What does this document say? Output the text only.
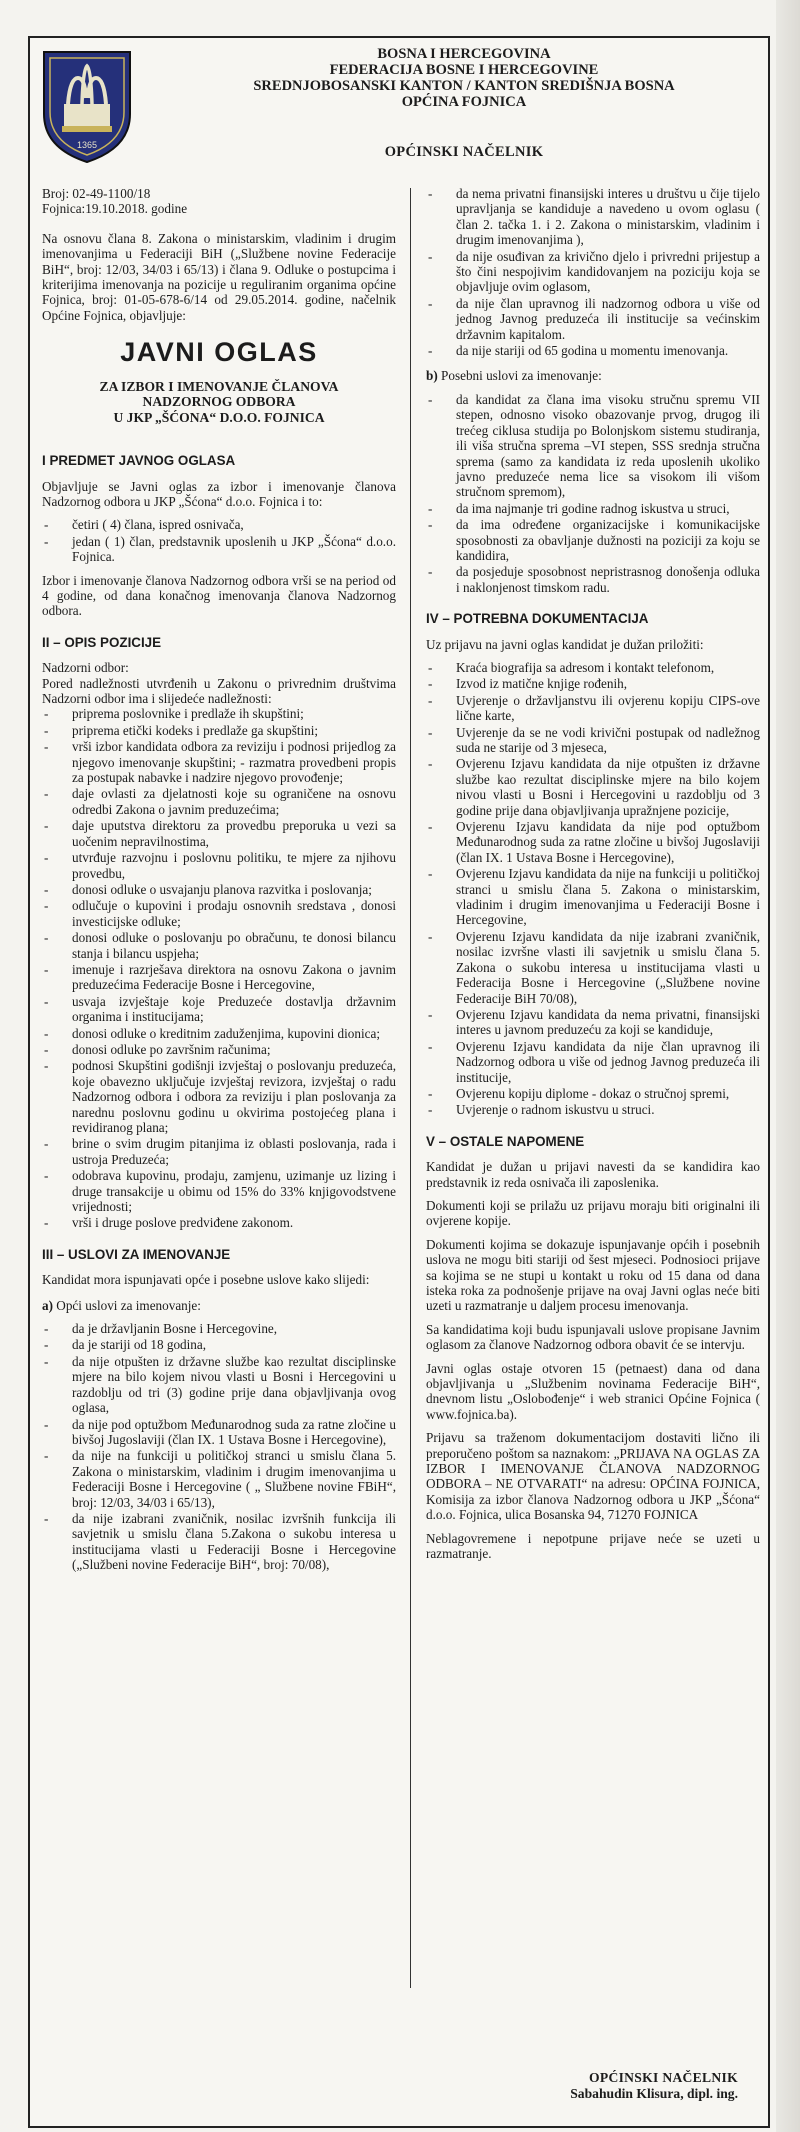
1365
BOSNA I HERCEGOVINA
FEDERACIJA BOSNE I HERCEGOVINE
SREDNJOBOSANSKI KANTON / KANTON SREDIŠNJA BOSNA
OPĆINA FOJNICA
OPĆINSKI NAČELNIK
Broj: 02-49-1100/18

Fojnica:19.10.2018. godine

Na osnovu člana 8. Zakona o ministarskim, vladinim i drugim imenovanjima u Federaciji BiH („Službene novine Federacije BiH“, broj: 12/03, 34/03 i 65/13) i člana 9. Odluke o postupcima i kriterijima imenovanja na pozicije u reguliranim organima općine Fojnica, broj: 01-05-678-6/14 od 29.05.2014. godine, načelnik Općine Fojnica, objavljuje:

JAVNI OGLAS
ZA IZBOR I IMENOVANJE ČLANOVA
NADZORNOG ODBORA
U JKP „ŠĆONA“ D.O.O. FOJNICA
I PREDMET JAVNOG OGLASA

Objavljuje se Javni oglas za izbor i imenovanje članova Nadzornog odbora u JKP „Šćona“ d.o.o. Fojnica i to:

- četiri ( 4) člana, ispred osnivača,
- jedan ( 1) član, predstavnik uposlenih u JKP „Šćona“ d.o.o. Fojnica.

Izbor i imenovanje članova Nadzornog odbora vrši se na period od 4 godine, od dana konačnog imenovanja članova Nadzornog odbora.

II – OPIS POZICIJE
Nadzorni odbor:
Pored nadležnosti utvrđenih u Zakonu o privrednim društvima Nadzorni odbor ima i slijedeće nadležnosti:
- priprema poslovnike i predlaže ih skupštini;
- priprema etički kodeks i predlaže ga skupštini;
- vrši izbor kandidata odbora za reviziju i podnosi prijedlog za njegovo imenovanje skupštini; - razmatra provedbeni propis za postupak nabavke i nadzire njegovo provođenje;
- daje ovlasti za djelatnosti koje su ograničene na osnovu odredbi Zakona o javnim preduzećima;
- daje uputstva direktoru za provedbu preporuka u vezi sa uočenim nepravilnostima,
- utvrđuje razvojnu i poslovnu politiku, te mjere za njihovu provedbu,
- donosi odluke o usvajanju planova razvitka i poslovanja;
- odlučuje o kupovini i prodaju osnovnih sredstava , donosi investicijske odluke;
- donosi odluke o poslovanju po obračunu, te donosi bilancu stanja i bilancu uspjeha;
- imenuje i razrješava direktora na osnovu Zakona o javnim preduzećima Federacije Bosne i Hercegovine,
- usvaja izvještaje koje Preduzeće dostavlja državnim organima i institucijama;
- donosi odluke o kreditnim zaduženjima, kupovini dionica;
- donosi odluke po završnim računima;
- podnosi Skupštini godišnji izvještaj o poslovanju preduzeća, koje obavezno uključuje izvještaj revizora, izvještaj o radu Nadzornog odbora i odbora za reviziju i plan poslovanja za narednu poslovnu godinu u okvirima postojećeg plana i revidiranog plana;
- brine o svim drugim pitanjima iz oblasti poslovanja, rada i ustroja Preduzeća;
- odobrava kupovinu, prodaju, zamjenu, uzimanje uz lizing i druge transakcije u obimu od 15% do 33% knjigovodstvene vrijednosti;
- vrši i druge poslove predviđene zakonom.
III – USLOVI ZA IMENOVANJE

Kandidat mora ispunjavati opće i posebne uslove kako slijedi:

a) Opći uslovi za imenovanje:
- da je državljanin Bosne i Hercegovine,
- da je stariji od 18 godina,
- da nije otpušten iz državne službe kao rezultat disciplinske mjere na bilo kojem nivou vlasti u Bosni i Hercegovini u razdoblju od tri (3) godine prije dana objavljivanja ovog oglasa,
- da nije pod optužbom Međunarodnog suda za ratne zločine u bivšoj Jugoslaviji (član IX. 1 Ustava Bosne i Hercegovine),
- da nije na funkciji u političkoj stranci u smislu člana 5. Zakona o ministarskim, vladinim i drugim imenovanjima u Federaciji Bosne i Hercegovine ( „ Službene novine FBiH“, broj: 12/03, 34/03 i 65/13),
- da nije izabrani zvaničnik, nosilac izvršnih funkcija ili savjetnik u smislu člana 5.Zakona o sukobu interesa u institucijama vlasti u Federaciji Bosne i Hercegovine („Službeni novine Federacije BiH“, broj: 70/08),
- da nema privatni finansijski interes u društvu u čije tijelo upravljanja se kandiduje a navedeno u ovom oglasu ( član 2. tačka 1. i 2. Zakona o ministarskim, vladinim i drugim imenovanjima ),
- da nije osuđivan za krivično djelo i privredni prijestup a što čini nespojivim kandidovanjem na poziciju koja se objavljuje ovim oglasom,
- da nije član upravnog ili nadzornog odbora u više od jednog Javnog preduzeća ili institucije sa većinskim državnim kapitalom.
- da nije stariji od 65 godina u momentu imenovanja.
b) Posebni uslovi za imenovanje:
- da kandidat za člana ima visoku stručnu spremu VII stepen, odnosno visoko obazovanje prvog, drugog ili trećeg ciklusa studija po Bolonjskom sistemu studiranja, ili viša stručna sprema –VI stepen, SSS srednja stručna sprema (samo za kandidata iz reda uposlenih ukoliko javno preduzeće nema lice sa visokom ili višom stručnom spremom),
- da ima najmanje tri godine radnog iskustva u struci,
- da ima određene organizacijske i komunikacijske sposobnosti za obavljanje dužnosti na poziciji za koju se kandidira,
- da posjeduje sposobnost nepristrasnog donošenja odluka i naklonjenost timskom radu.
IV – POTREBNA DOKUMENTACIJA

Uz prijavu na javni oglas kandidat je dužan priložiti:

- Kraća biografija sa adresom i kontakt telefonom,
- Izvod iz matične knjige rođenih,
- Uvjerenje o državljanstvu ili ovjerenu kopiju CIPS-ove lične karte,
- Uvjerenje da se ne vodi krivični postupak od nadležnog suda ne starije od 3 mjeseca,
- Ovjerenu Izjavu kandidata da nije otpušten iz državne službe kao rezultat disciplinske mjere na bilo kojem nivou vlasti u Bosni i Hercegovini u razdoblju od 3 godine prije dana objavljivanja upražnjene pozicije,
- Ovjerenu Izjavu kandidata da nije pod optužbom Međunarodnog suda za ratne zločine u bivšoj Jugoslaviji (član IX. 1 Ustava Bosne i Hercegovine),
- Ovjerenu Izjavu kandidata da nije na funkciji u političkoj stranci u smislu člana 5. Zakona o ministarskim, vladinim i drugim imenovanjima u Federaciji Bosne i Hercegovine,
- Ovjerenu Izjavu kandidata da nije izabrani zvaničnik, nosilac izvršne vlasti ili savjetnik u smislu člana 5. Zakona o sukobu interesa u institucijama vlasti u Federacija Bosne i Hercegovine („Službene novine Federacije BiH 70/08),
- Ovjerenu Izjavu kandidata da nema privatni, finansijski interes u javnom preduzeću za koji se kandiduje,
- Ovjerenu Izjavu kandidata da nije član upravnog ili Nadzornog odbora u više od jednog Javnog preduzeća ili institucije,
- Ovjerenu kopiju diplome - dokaz o stručnoj spremi,
- Uvjerenje o radnom iskustvu u struci.
V – OSTALE NAPOMENE

Kandidat je dužan u prijavi navesti da se kandidira kao predstavnik iz reda osnivača ili zaposlenika.

Dokumenti koji se prilažu uz prijavu moraju biti originalni ili ovjerene kopije.

Dokumenti kojima se dokazuje ispunjavanje općih i posebnih uslova ne mogu biti stariji od šest mjeseci. Podnosioci prijave sa kojima se ne stupi u kontakt u roku od 15 dana od dana isteka roka za podnošenje prijave na ovaj Javni oglas neće biti uzeti u razmatranje u daljem procesu imenovanja.

Sa kandidatima koji budu ispunjavali uslove propisane Javnim oglasom za članove Nadzornog odbora obavit će se intervju.

Javni oglas ostaje otvoren 15 (petnaest) dana od dana objavljivanja u „Službenim novinama Federacije BiH“, dnevnom listu „Oslobođenje“ i web stranici Općine Fojnica ( www.fojnica.ba).

Prijavu sa traženom dokumentacijom dostaviti lično ili preporučeno poštom sa naznakom: „PRIJAVA NA OGLAS ZA IZBOR I IMENOVANJE ČLANOVA NADZORNOG ODBORA – NE OTVARATI“ na adresu: OPĆINA FOJNICA, Komisija za izbor članova Nadzornog odbora u JKP „Šćona“ d.o.o. Fojnica, ulica Bosanska 94, 71270 FOJNICA

Neblagovremene i nepotpune prijave neće se uzeti u razmatranje.

OPĆINSKI NAČELNIK
Sabahudin Klisura, dipl. ing.
